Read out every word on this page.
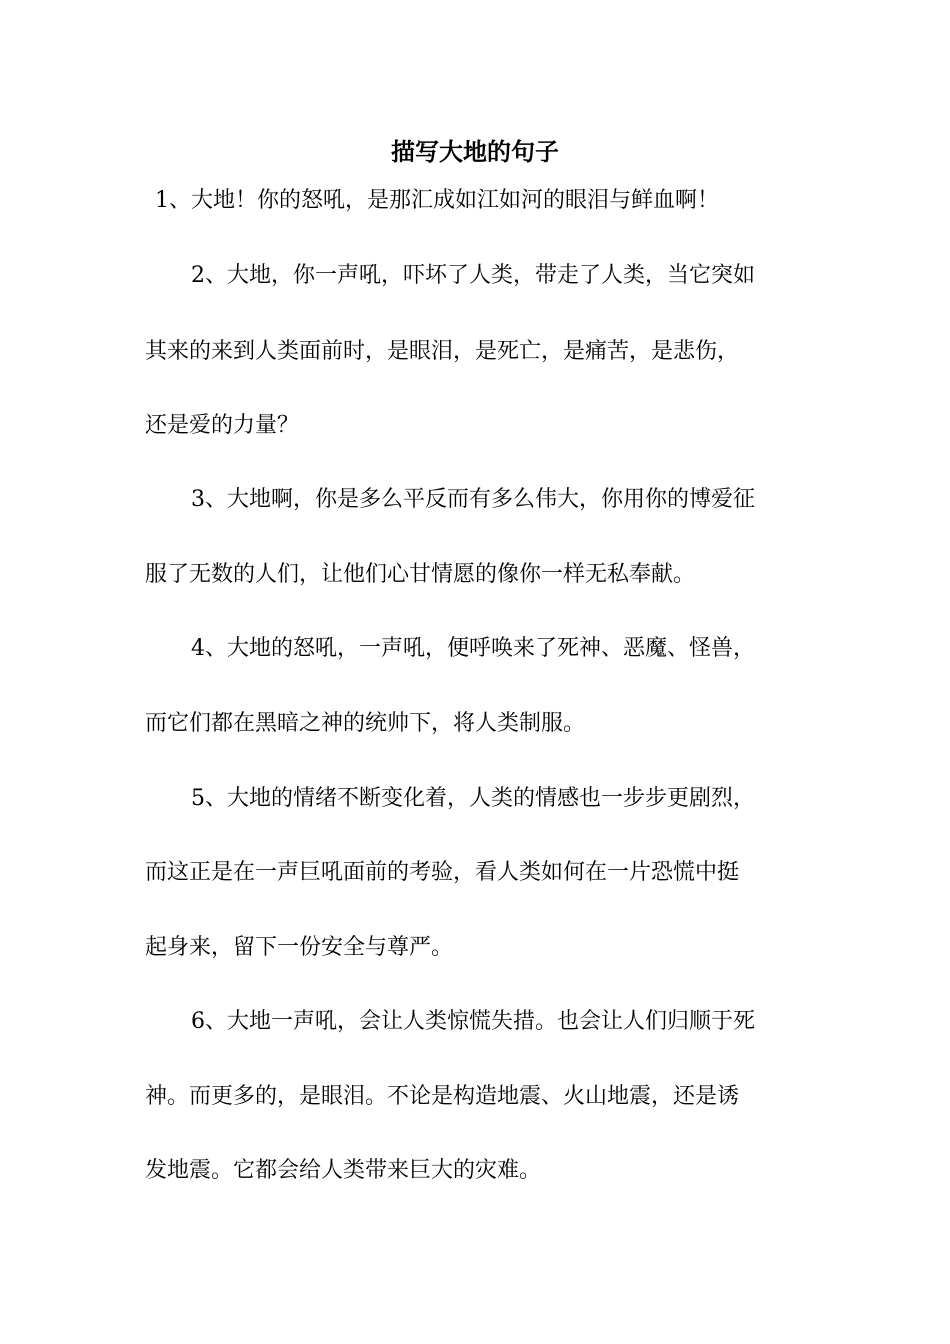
描写大地的句子
1、大地！你的怒吼，是那汇成如江如河的眼泪与鲜血啊！
2、大地，你一声吼，吓坏了人类，带走了人类，当它突如
其来的来到人类面前时，是眼泪，是死亡，是痛苦，是悲伤，
还是爱的力量？
3、大地啊，你是多么平反而有多么伟大，你用你的博爱征
服了无数的人们，让他们心甘情愿的像你一样无私奉献。
4、大地的怒吼，一声吼，便呼唤来了死神、恶魔、怪兽，
而它们都在黑暗之神的统帅下，将人类制服。
5、大地的情绪不断变化着，人类的情感也一步步更剧烈，
而这正是在一声巨吼面前的考验，看人类如何在一片恐慌中挺
起身来，留下一份安全与尊严。
6、大地一声吼，会让人类惊慌失措。也会让人们归顺于死
神。而更多的，是眼泪。不论是构造地震、火山地震，还是诱
发地震。它都会给人类带来巨大的灾难。
